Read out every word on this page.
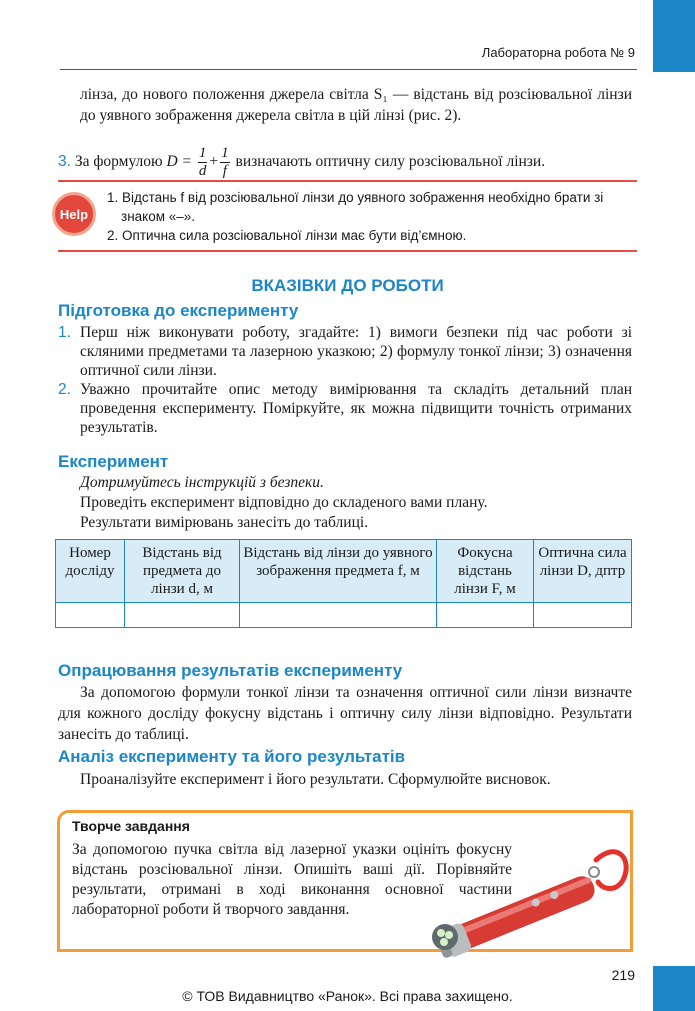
Лабораторна робота № 9
лінза, до нового положення джерела світла S₁ — відстань від розсіювальної лінзи до уявного зображення джерела світла в цій лінзі (рис. 2).
3. За формулою $D = \frac{1}{d} + \frac{1}{f}$ визначають оптичну силу розсіювальної лінзи.
Help
1. Відстань f від розсіювальної лінзи до уявного зображення необхідно брати зі знаком «–».
2. Оптична сила розсіювальної лінзи має бути від’ємною.
ВКАЗІВКИ ДО РОБОТИ
Підготовка до експерименту
1. Перш ніж виконувати роботу, згадайте: 1) вимоги безпеки під час роботи зі скляними предметами та лазерною указкою; 2) формулу тонкої лінзи; 3) означення оптичної сили лінзи.
2. Уважно прочитайте опис методу вимірювання та складіть детальний план проведення експерименту. Поміркуйте, як можна підвищити точність отриманих результатів.
Експеримент
Дотримуйтесь інструкцій з безпеки.
Проведіть експеримент відповідно до складеного вами плану.
Результати вимірювань занесіть до таблиці.
Номер досліду	Відстань від предмета до лінзи d, м	Відстань від лінзи до уявного зображення предмета f, м	Фокусна відстань лінзи F, м	Оптична сила лінзи D, дптр

Опрацювання результатів експерименту
За допомогою формули тонкої лінзи та означення оптичної сили лінзи визначте для кожного досліду фокусну відстань і оптичну силу лінзи відповідно. Результати занесіть до таблиці.
Аналіз експерименту та його результатів
Проаналізуйте експеримент і його результати. Сформулюйте висновок.
Творче завдання
За допомогою пучка світла від лазерної указки оцініть фокусну відстань розсіювальної лінзи. Опишіть ваші дії. Порівняйте результати, отримані в ході виконання основної частини лабораторної роботи й творчого завдання.
219
© ТОВ Видавництво «Ранок». Всі права захищено.
